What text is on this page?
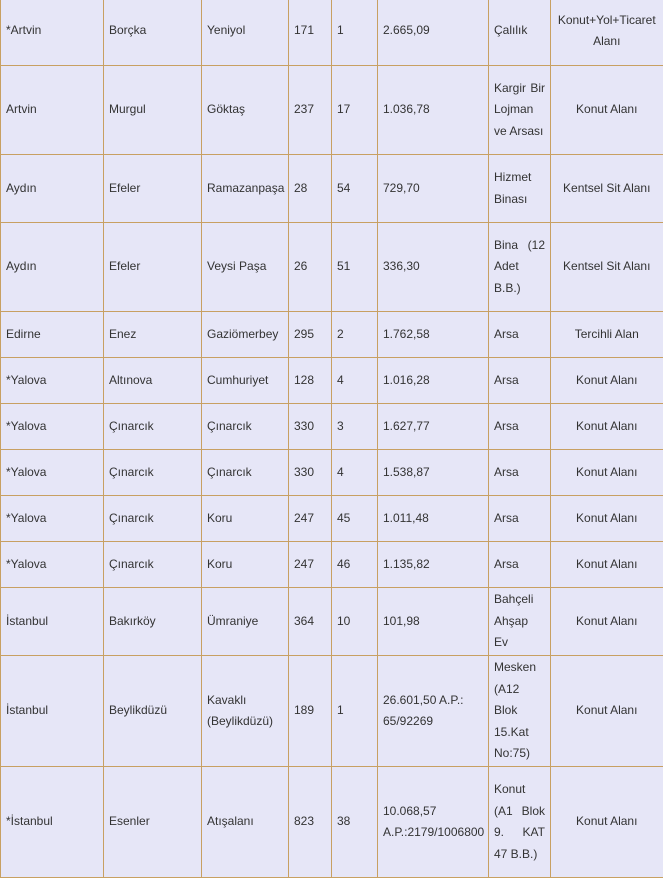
*Artvin	Borçka	Yeniyol	171	1	2.665,09	Çalılık	Konut+Yol+Ticaret Alanı
Artvin	Murgul	Göktaş	237	17	1.036,78	Kargir Bir Lojman ve Arsası	Konut Alanı
Aydın	Efeler	Ramazanpaşa	28	54	729,70	Hizmet Binası	Kentsel Sit Alanı
Aydın	Efeler	Veysi Paşa	26	51	336,30	Bina (12 Adet B.B.)	Kentsel Sit Alanı
Edirne	Enez	Gaziömerbey	295	2	1.762,58	Arsa	Tercihli Alan
*Yalova	Altınova	Cumhuriyet	128	4	1.016,28	Arsa	Konut Alanı
*Yalova	Çınarcık	Çınarcık	330	3	1.627,77	Arsa	Konut Alanı
*Yalova	Çınarcık	Çınarcık	330	4	1.538,87	Arsa	Konut Alanı
*Yalova	Çınarcık	Koru	247	45	1.011,48	Arsa	Konut Alanı
*Yalova	Çınarcık	Koru	247	46	1.135,82	Arsa	Konut Alanı
İstanbul	Bakırköy	Ümraniye	364	10	101,98	Bahçeli Ahşap Ev	Konut Alanı
İstanbul	Beylikdüzü	Kavaklı (Beylikdüzü)	189	1	26.601,50 A.P.: 65/92269	Mesken (A12 Blok 15.Kat No:75)	Konut Alanı
*İstanbul	Esenler	Atışalanı	823	38	10.068,57 A.P.:2179/1006800	Konut (A1 Blok 9. KAT 47 B.B.)	Konut Alanı
